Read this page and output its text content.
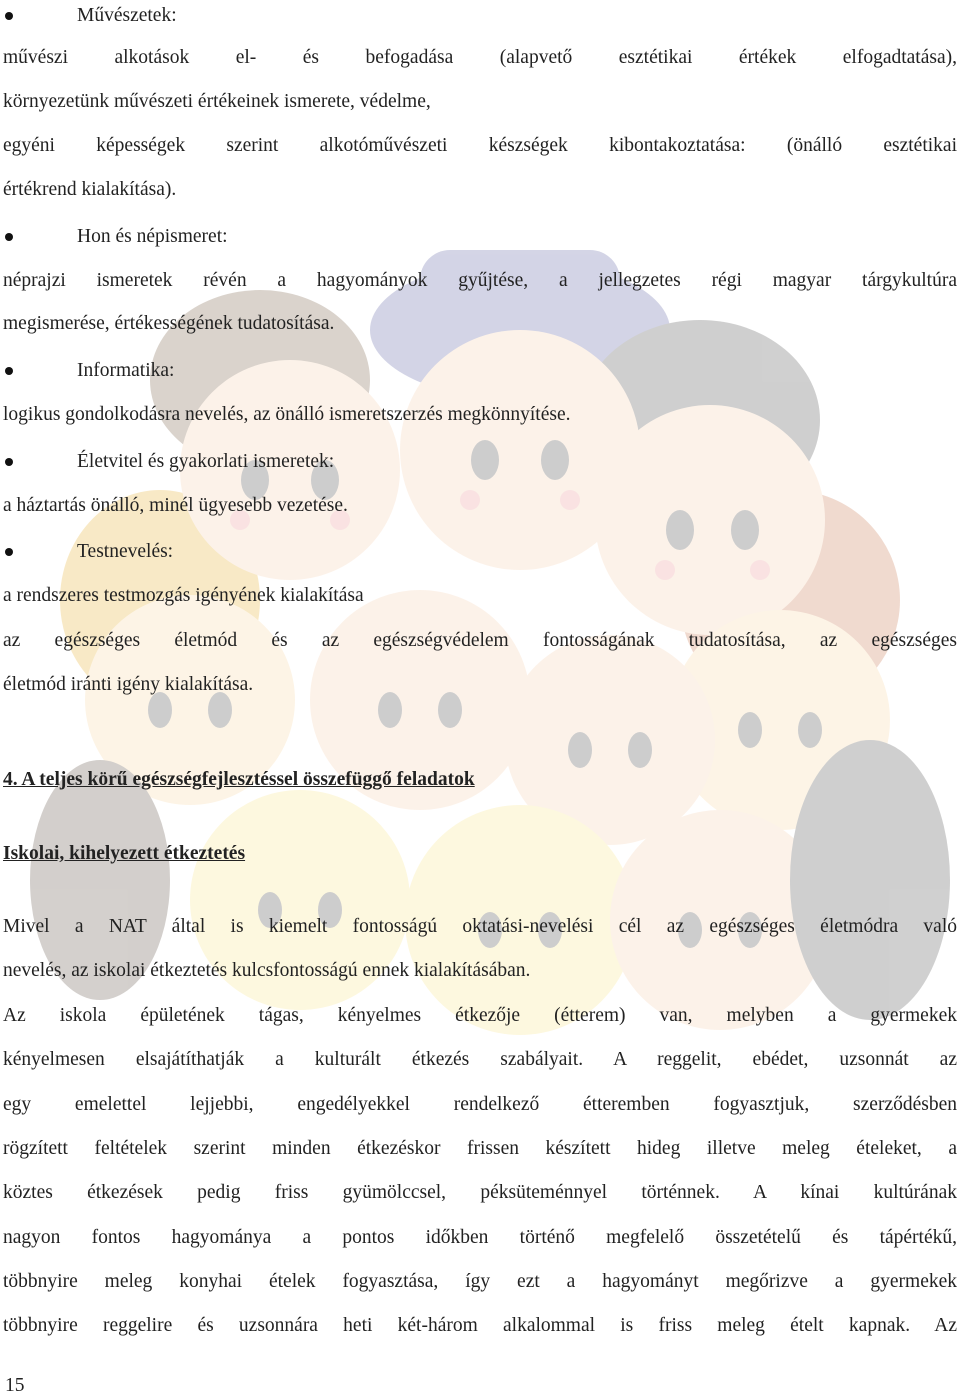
Művészetek:
művészi alkotások el- és befogadása (alapvető esztétikai értékek elfogadtatása),
környezetünk művészeti értékeinek ismerete, védelme,
egyéni képességek szerint alkotóművészeti készségek kibontakoztatása: (önálló esztétikai
értékrend kialakítása).
Hon és népismeret:
néprajzi ismeretek révén a hagyományok gyűjtése, a jellegzetes régi magyar tárgykultúra
megismerése, értékességének tudatosítása.
Informatika:
logikus gondolkodásra nevelés, az önálló ismeretszerzés megkönnyítése.
Életvitel és gyakorlati ismeretek:
a háztartás önálló, minél ügyesebb vezetése.
Testnevelés:
a rendszeres testmozgás igényének kialakítása
az egészséges életmód és az egészségvédelem fontosságának tudatosítása, az egészséges
életmód iránti igény kialakítása.
4. A teljes körű egészségfejlesztéssel összefüggő feladatok
Iskolai, kihelyezett étkeztetés
Mivel a NAT által is kiemelt fontosságú oktatási-nevelési cél az egészséges életmódra való
nevelés, az iskolai étkeztetés kulcsfontosságú ennek kialakításában.
Az iskola épületének tágas, kényelmes étkezője (étterem) van, melyben a gyermekek
kényelmesen elsajátíthatják a kulturált étkezés szabályait. A reggelit, ebédet, uzsonnát az
egy emelettel lejjebbi, engedélyekkel rendelkező étteremben fogyasztjuk, szerződésben
rögzített feltételek szerint minden étkezéskor frissen készített hideg illetve meleg ételeket, a
köztes étkezések pedig friss gyümölccsel, péksüteménnyel történnek. A kínai kultúrának
nagyon fontos hagyománya a pontos időkben történő megfelelő összetételű és tápértékű,
többnyire meleg konyhai ételek fogyasztása, így ezt a hagyományt megőrizve a gyermekek
többnyire reggelire és uzsonnára heti két-három alkalommal is friss meleg ételt kapnak. Az
15
